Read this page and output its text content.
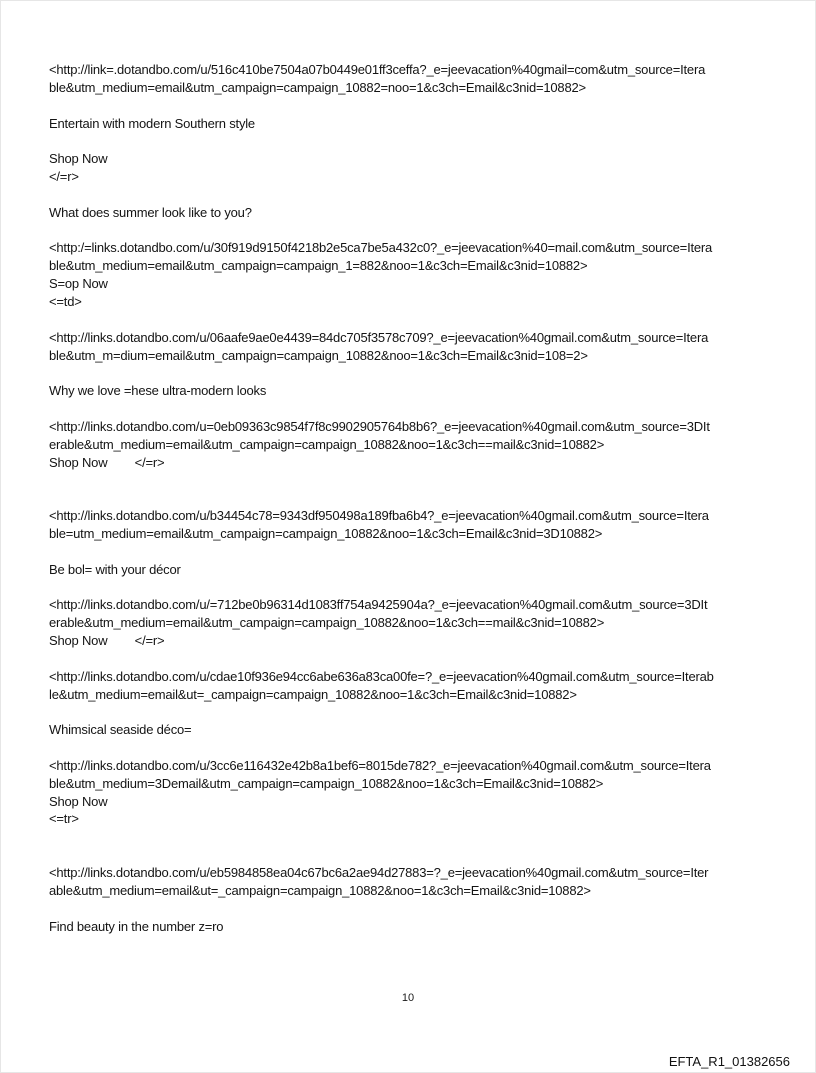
<http://link=.dotandbo.com/u/516c410be7504a07b0449e01ff3ceffa?_e=jeevacation%40gmail=com&utm_source=Itera
ble&utm_medium=email&utm_campaign=campaign_10882=noo=1&c3ch=Email&c3nid=10882>
Entertain with modern Southern style
Shop Now
</=r>
What does summer look like to you?
<http:/=links.dotandbo.com/u/30f919d9150f4218b2e5ca7be5a432c0?_e=jeevacation%40=mail.com&utm_source=Itera
ble&utm_medium=email&utm_campaign=campaign_1=882&noo=1&c3ch=Email&c3nid=10882>
S=op Now
<=td>
<http://links.dotandbo.com/u/06aafe9ae0e4439=84dc705f3578c709?_e=jeevacation%40gmail.com&utm_source=Itera
ble&utm_m=dium=email&utm_campaign=campaign_10882&noo=1&c3ch=Email&c3nid=108=2>
Why we love =hese ultra-modern looks
<http://links.dotandbo.com/u=0eb09363c9854f7f8c9902905764b8b6?_e=jeevacation%40gmail.com&utm_source=3DIt
erable&utm_medium=email&utm_campaign=campaign_10882&noo=1&c3ch==mail&c3nid=10882>
Shop Now        </=r>
<http://links.dotandbo.com/u/b34454c78=9343df950498a189fba6b4?_e=jeevacation%40gmail.com&utm_source=Itera
ble=utm_medium=email&utm_campaign=campaign_10882&noo=1&c3ch=Email&c3nid=3D10882>
Be bol= with your décor
<http://links.dotandbo.com/u/=712be0b96314d1083ff754a9425904a?_e=jeevacation%40gmail.com&utm_source=3DIt
erable&utm_medium=email&utm_campaign=campaign_10882&noo=1&c3ch==mail&c3nid=10882>
Shop Now        </=r>
<http://links.dotandbo.com/u/cdae10f936e94cc6abe636a83ca00fe=?_e=jeevacation%40gmail.com&utm_source=Iterab
le&utm_medium=email&ut=_campaign=campaign_10882&noo=1&c3ch=Email&c3nid=10882>
Whimsical seaside déco=
<http://links.dotandbo.com/u/3cc6e116432e42b8a1bef6=8015de782?_e=jeevacation%40gmail.com&utm_source=Itera
ble&utm_medium=3Demail&utm_campaign=campaign_10882&noo=1&c3ch=Email&c3nid=10882>
Shop Now
<=tr>
<http://links.dotandbo.com/u/eb5984858ea04c67bc6a2ae94d27883=?_e=jeevacation%40gmail.com&utm_source=Iter
able&utm_medium=email&ut=_campaign=campaign_10882&noo=1&c3ch=Email&c3nid=10882>
Find beauty in the number z=ro
10
EFTA_R1_01382656
